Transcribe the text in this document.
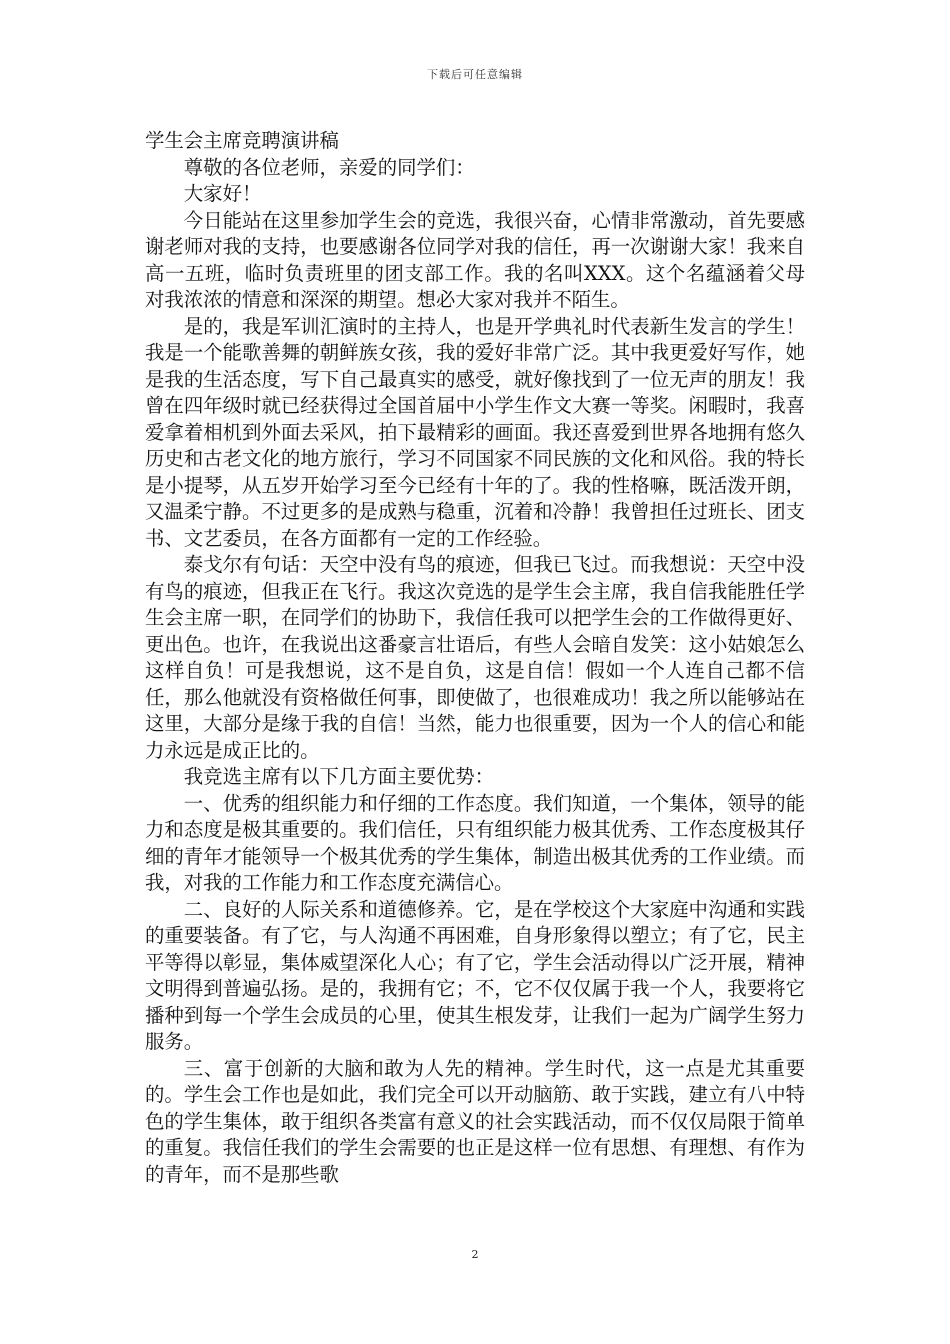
下载后可任意编辑

学生会主席竞聘演讲稿

尊敬的各位老师，亲爱的同学们：

大家好！

今日能站在这里参加学生会的竞选，我很兴奋，心情非常激动，首先要感谢老师对我的支持，也要感谢各位同学对我的信任，再一次谢谢大家！我来自高一五班，临时负责班里的团支部工作。我的名叫XXX。这个名蕴涵着父母对我浓浓的情意和深深的期望。想必大家对我并不陌生。

是的，我是军训汇演时的主持人，也是开学典礼时代表新生发言的学生！我是一个能歌善舞的朝鲜族女孩，我的爱好非常广泛。其中我更爱好写作，她是我的生活态度，写下自己最真实的感受，就好像找到了一位无声的朋友！我曾在四年级时就已经获得过全国首届中小学生作文大赛一等奖。闲暇时，我喜爱拿着相机到外面去采风，拍下最精彩的画面。我还喜爱到世界各地拥有悠久历史和古老文化的地方旅行，学习不同国家不同民族的文化和风俗。我的特长是小提琴，从五岁开始学习至今已经有十年的了。我的性格嘛，既活泼开朗，又温柔宁静。不过更多的是成熟与稳重，沉着和冷静！我曾担任过班长、团支书、文艺委员，在各方面都有一定的工作经验。

泰戈尔有句话：天空中没有鸟的痕迹，但我已飞过。而我想说：天空中没有鸟的痕迹，但我正在飞行。我这次竞选的是学生会主席，我自信我能胜任学生会主席一职，在同学们的协助下，我信任我可以把学生会的工作做得更好、更出色。也许，在我说出这番豪言壮语后，有些人会暗自发笑：这小姑娘怎么这样自负！可是我想说，这不是自负，这是自信！假如一个人连自己都不信任，那么他就没有资格做任何事，即使做了，也很难成功！我之所以能够站在这里，大部分是缘于我的自信！当然，能力也很重要，因为一个人的信心和能力永远是成正比的。

我竞选主席有以下几方面主要优势：

一、优秀的组织能力和仔细的工作态度。我们知道，一个集体，领导的能力和态度是极其重要的。我们信任，只有组织能力极其优秀、工作态度极其仔细的青年才能领导一个极其优秀的学生集体，制造出极其优秀的工作业绩。而我，对我的工作能力和工作态度充满信心。

二、良好的人际关系和道德修养。它，是在学校这个大家庭中沟通和实践的重要装备。有了它，与人沟通不再困难，自身形象得以塑立；有了它，民主平等得以彰显，集体威望深化人心；有了它，学生会活动得以广泛开展，精神文明得到普遍弘扬。是的，我拥有它；不，它不仅仅属于我一个人，我要将它播种到每一个学生会成员的心里，使其生根发芽，让我们一起为广阔学生努力服务。

三、富于创新的大脑和敢为人先的精神。学生时代，这一点是尤其重要的。学生会工作也是如此，我们完全可以开动脑筋、敢于实践，建立有八中特色的学生集体，敢于组织各类富有意义的社会实践活动，而不仅仅局限于简单的重复。我信任我们的学生会需要的也正是这样一位有思想、有理想、有作为的青年，而不是那些歌

2
